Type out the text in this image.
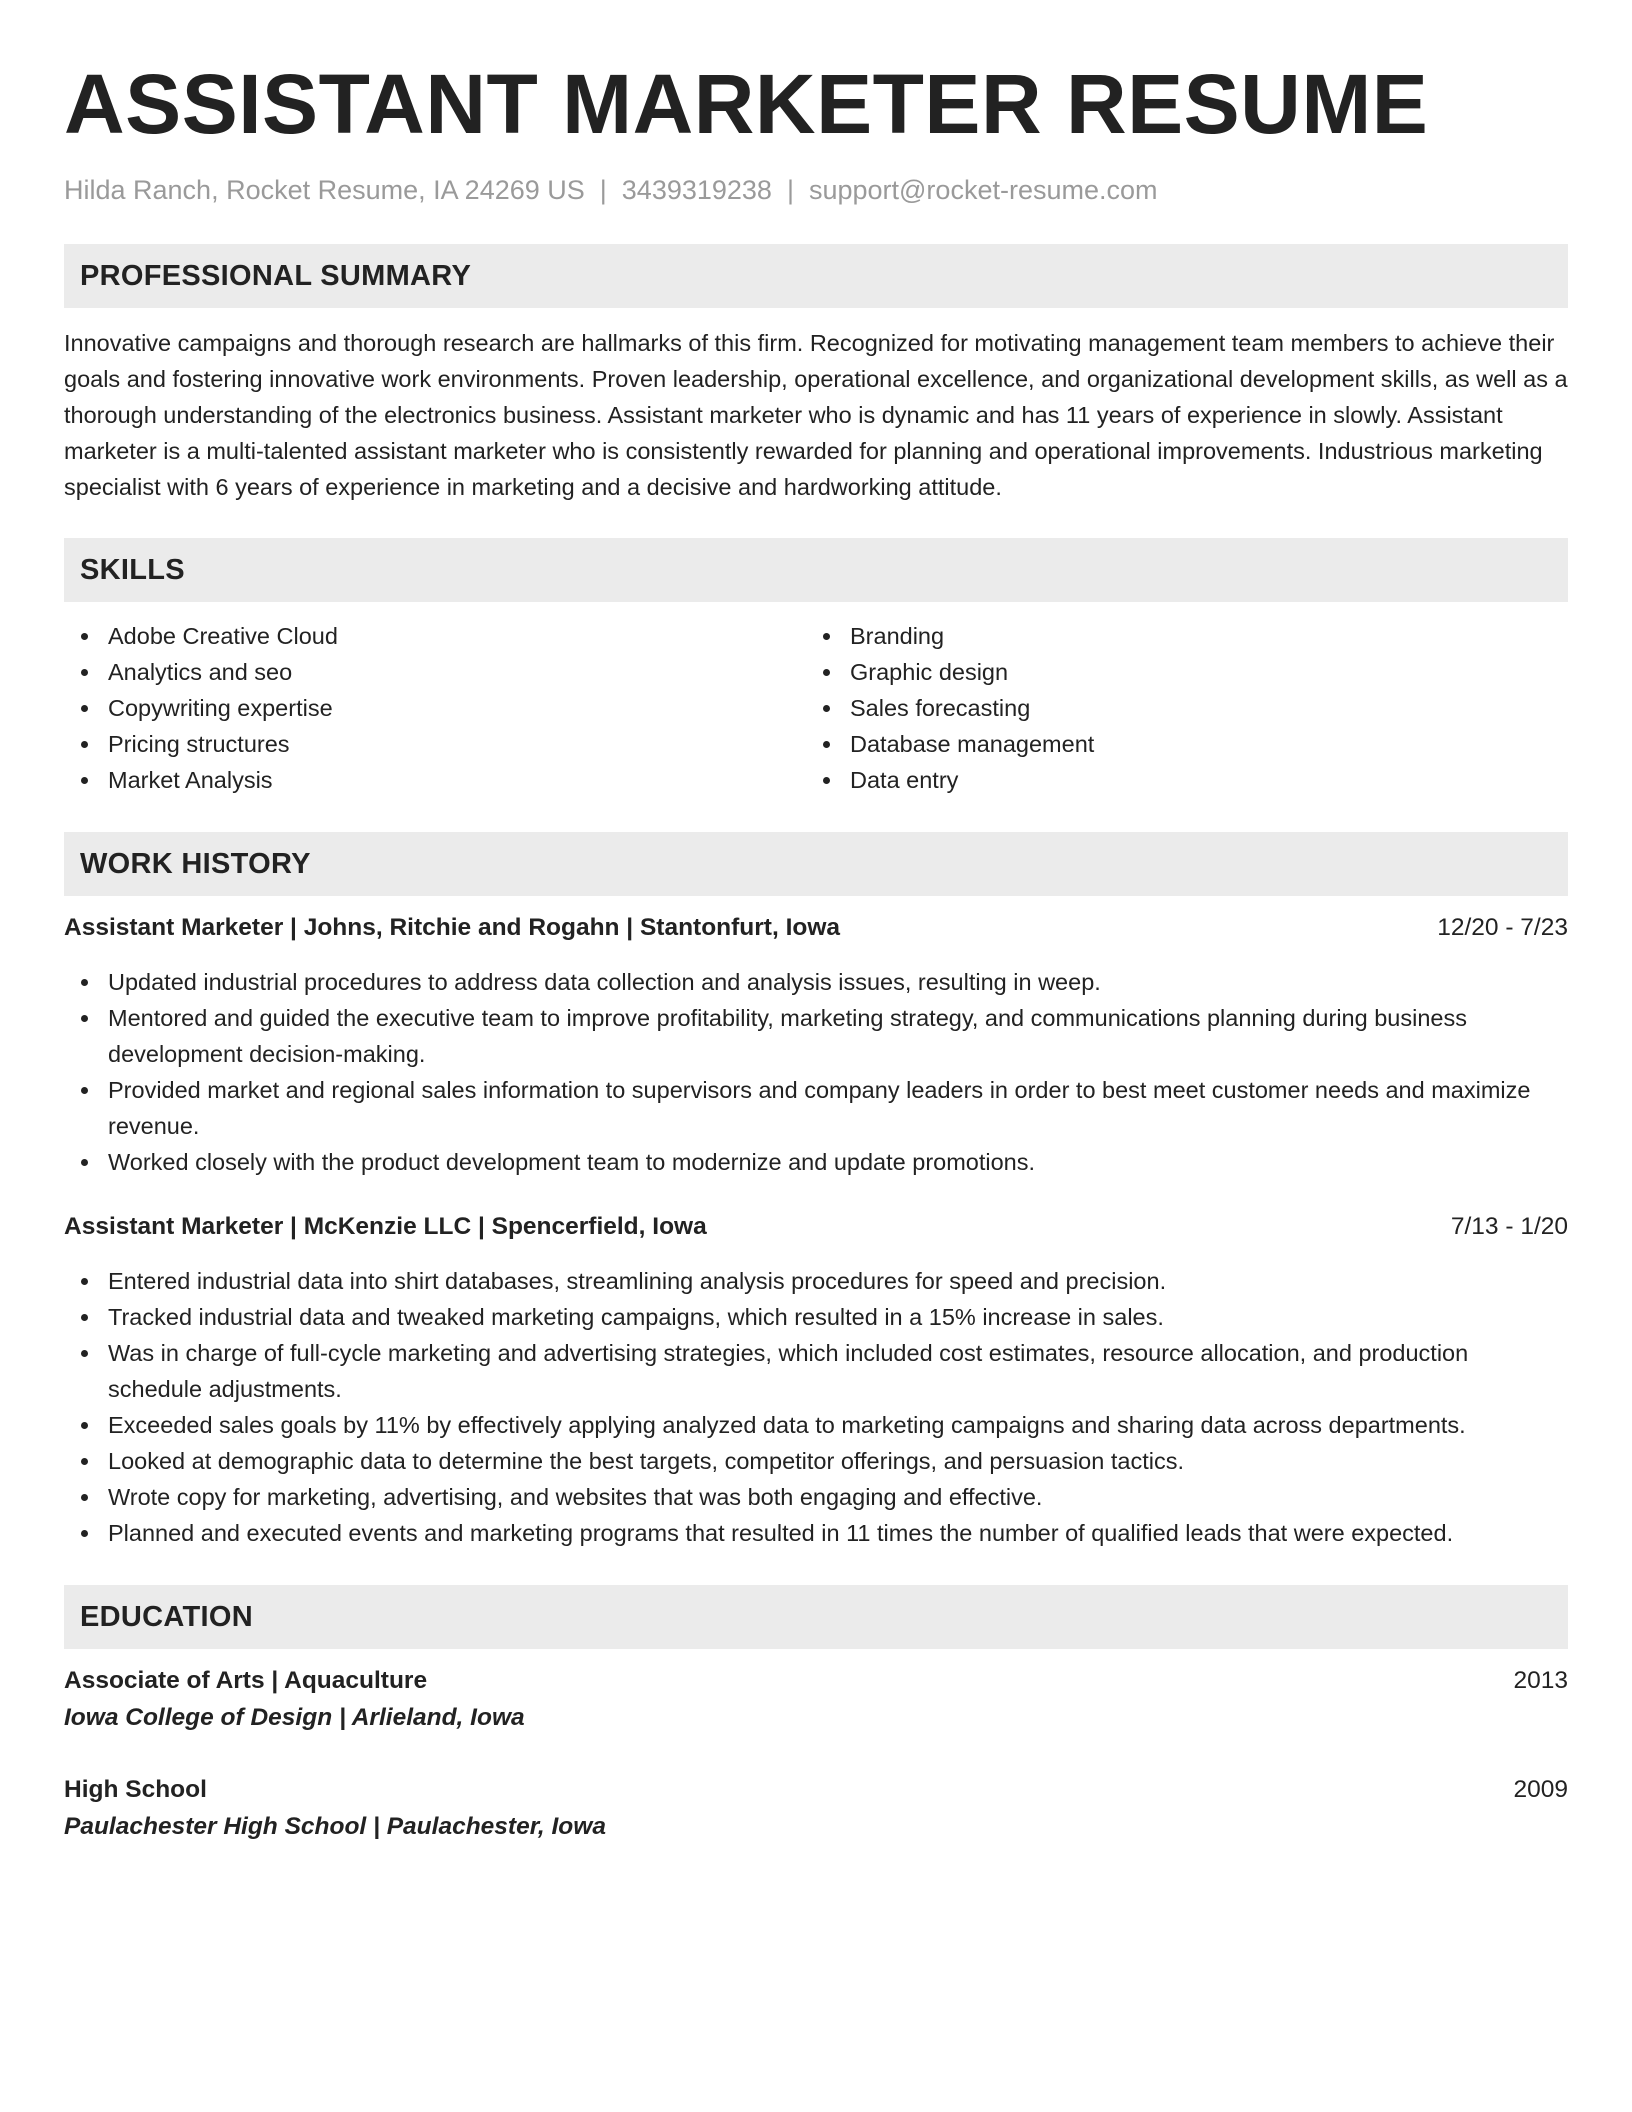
ASSISTANT MARKETER RESUME
Hilda Ranch, Rocket Resume, IA 24269 US | 3439319238 | support@rocket-resume.com
PROFESSIONAL SUMMARY

Innovative campaigns and thorough research are hallmarks of this firm. Recognized for motivating management team members to achieve their goals and fostering innovative work environments. Proven leadership, operational excellence, and organizational development skills, as well as a thorough understanding of the electronics business. Assistant marketer who is dynamic and has 11 years of experience in slowly. Assistant marketer is a multi-talented assistant marketer who is consistently rewarded for planning and operational improvements. Industrious marketing specialist with 6 years of experience in marketing and a decisive and hardworking attitude.

SKILLS
Adobe Creative Cloud
Analytics and seo
Copywriting expertise
Pricing structures
Market Analysis
Branding
Graphic design
Sales forecasting
Database management
Data entry
WORK HISTORY
Assistant Marketer | Johns, Ritchie and Rogahn | Stantonfurt, Iowa	12/20 - 7/23
Updated industrial procedures to address data collection and analysis issues, resulting in weep.
Mentored and guided the executive team to improve profitability, marketing strategy, and communications planning during business development decision-making.
Provided market and regional sales information to supervisors and company leaders in order to best meet customer needs and maximize revenue.
Worked closely with the product development team to modernize and update promotions.
Assistant Marketer | McKenzie LLC | Spencerfield, Iowa	7/13 - 1/20
Entered industrial data into shirt databases, streamlining analysis procedures for speed and precision.
Tracked industrial data and tweaked marketing campaigns, which resulted in a 15% increase in sales.
Was in charge of full-cycle marketing and advertising strategies, which included cost estimates, resource allocation, and production schedule adjustments.
Exceeded sales goals by 11% by effectively applying analyzed data to marketing campaigns and sharing data across departments.
Looked at demographic data to determine the best targets, competitor offerings, and persuasion tactics.
Wrote copy for marketing, advertising, and websites that was both engaging and effective.
Planned and executed events and marketing programs that resulted in 11 times the number of qualified leads that were expected.
EDUCATION
Associate of Arts | Aquaculture	2013
Iowa College of Design | Arlieland, Iowa
High School	2009
Paulachester High School | Paulachester, Iowa
